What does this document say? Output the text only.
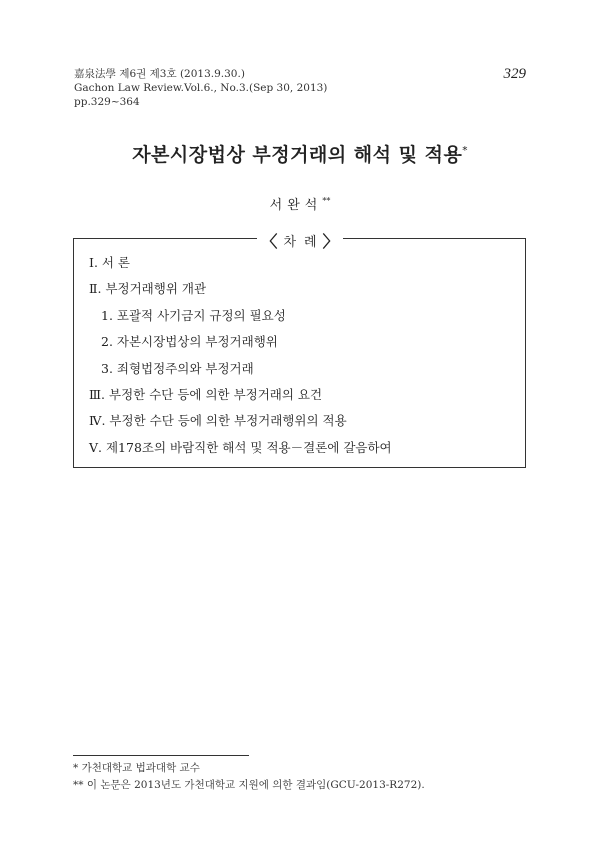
嘉泉法學 제6권 제3호 (2013.9.30.)
Gachon Law Review.Vol.6., No.3.(Sep 30, 2013)
pp.329~364
329
자본시장법상 부정거래의 해석 및 적용*
서완석**
〈 차례〉
Ⅰ. 서 론
Ⅱ. 부정거래행위 개관
1. 포괄적 사기금지 규정의 필요성
2. 자본시장법상의 부정거래행위
3. 죄형법정주의와 부정거래
Ⅲ. 부정한 수단 등에 의한 부정거래의 요건
Ⅳ. 부정한 수단 등에 의한 부정거래행위의 적용
Ⅴ. 제178조의 바람직한 해석 및 적용－결론에 갈음하여
* 가천대학교 법과대학 교수
** 이 논문은 2013년도 가천대학교 지원에 의한 결과임(GCU-2013-R272).
